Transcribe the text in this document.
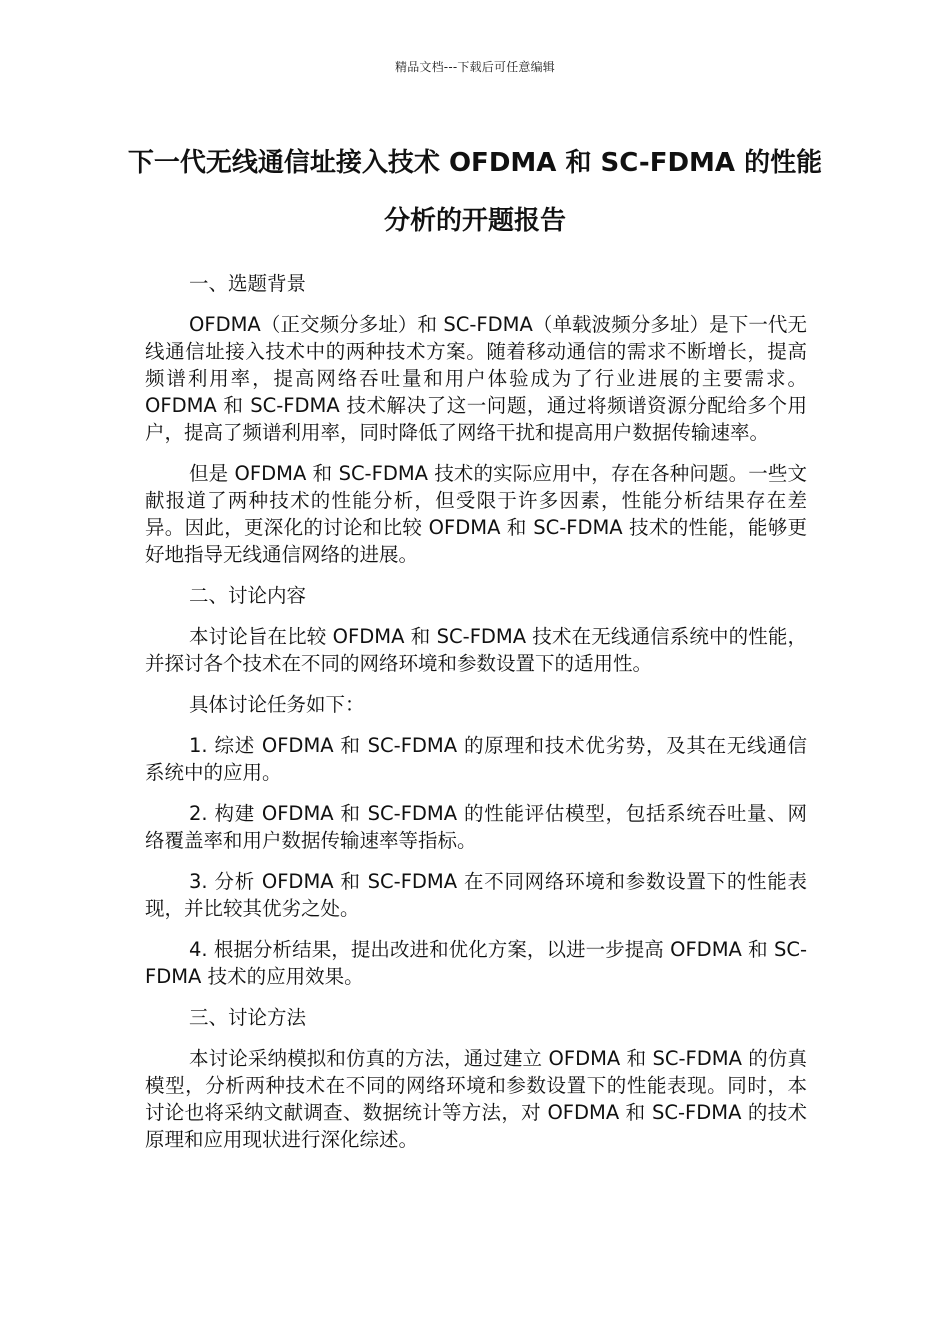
精品文档---下载后可任意编辑
下一代无线通信址接入技术 OFDMA 和 SC-FDMA 的性能分析的开题报告

一、选题背景

OFDMA（正交频分多址）和 SC-FDMA（单载波频分多址）是下一代无线通信址接入技术中的两种技术方案。随着移动通信的需求不断增长，提高频谱利用率，提高网络吞吐量和用户体验成为了行业进展的主要需求。OFDMA 和 SC-FDMA 技术解决了这一问题，通过将频谱资源分配给多个用户，提高了频谱利用率，同时降低了网络干扰和提高用户数据传输速率。

但是 OFDMA 和 SC-FDMA 技术的实际应用中，存在各种问题。一些文献报道了两种技术的性能分析，但受限于许多因素，性能分析结果存在差异。因此，更深化的讨论和比较 OFDMA 和 SC-FDMA 技术的性能，能够更好地指导无线通信网络的进展。

二、讨论内容

本讨论旨在比较 OFDMA 和 SC-FDMA 技术在无线通信系统中的性能，并探讨各个技术在不同的网络环境和参数设置下的适用性。

具体讨论任务如下：

1. 综述 OFDMA 和 SC-FDMA 的原理和技术优劣势，及其在无线通信系统中的应用。

2. 构建 OFDMA 和 SC-FDMA 的性能评估模型，包括系统吞吐量、网络覆盖率和用户数据传输速率等指标。

3. 分析 OFDMA 和 SC-FDMA 在不同网络环境和参数设置下的性能表现，并比较其优劣之处。

4. 根据分析结果，提出改进和优化方案，以进一步提高 OFDMA 和 SC-FDMA 技术的应用效果。

三、讨论方法

本讨论采纳模拟和仿真的方法，通过建立 OFDMA 和 SC-FDMA 的仿真模型，分析两种技术在不同的网络环境和参数设置下的性能表现。同时，本讨论也将采纳文献调查、数据统计等方法，对 OFDMA 和 SC-FDMA 的技术原理和应用现状进行深化综述。
